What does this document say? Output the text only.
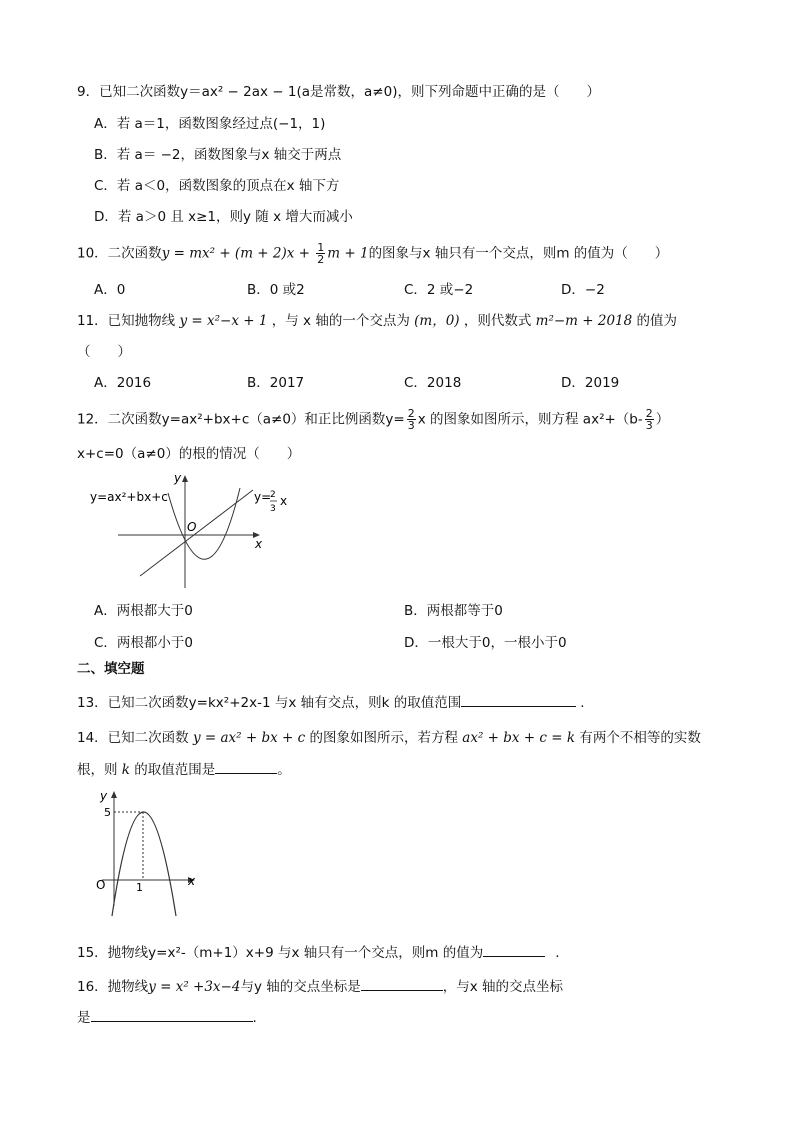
9．已知二次函数y＝ax² − 2ax − 1(a是常数，a≠0)，则下列命题中正确的是（　　）
A．若 a＝1，函数图象经过点(−1，1)
B．若 a＝ −2，函数图象与x 轴交于两点
C．若 a＜0，函数图象的顶点在x 轴下方
D．若 a＞0 且 x≥1，则y 随 x 增大而减小
10．二次函数$y = mx^2 + (m + 2)x + \frac{1}{2}$ m + 1的图象与x 轴只有一个交点，则m 的值为（　　）
A．0	B．0 或2	C．2 或−2	D．−2
11．已知抛物线 y = x²−x + 1 ，与 x 轴的一个交点为 (m，0) ，则代数式 m²−m + 2018 的值为
（　　）
A．2016	B．2017	C．2018	D．2019
12．二次函数y=ax²+bx+c（a≠0）和正比例函数$y= \frac{2}{3}$ x 的图象如图所示，则方程 $ax^2+(b- \frac{2}{3}$ ）
x+c=0（a≠0）的根的情况（　　）
y
x
O
y=ax²+bx+c	y=
2
3
x
A．两根都大于0	B．两根都等于0
C．两根都小于0	D．一根大于0，一根小于0
二、填空题
13．已知二次函数y=kx²+2x-1 与x 轴有交点，则k 的取值范围	.
14．已知二次函数 y = ax² + bx + c 的图象如图所示，若方程 ax² + bx + c = k 有两个不相等的实数
根，则 k 的取值范围是	。
y
x
O
5
1
15．抛物线y=x²-（m+1）x+9 与x 轴只有一个交点，则m 的值为	.
16．抛物线y = x² +3x−4与y 轴的交点坐标是	，与x 轴的交点坐标
是	.
